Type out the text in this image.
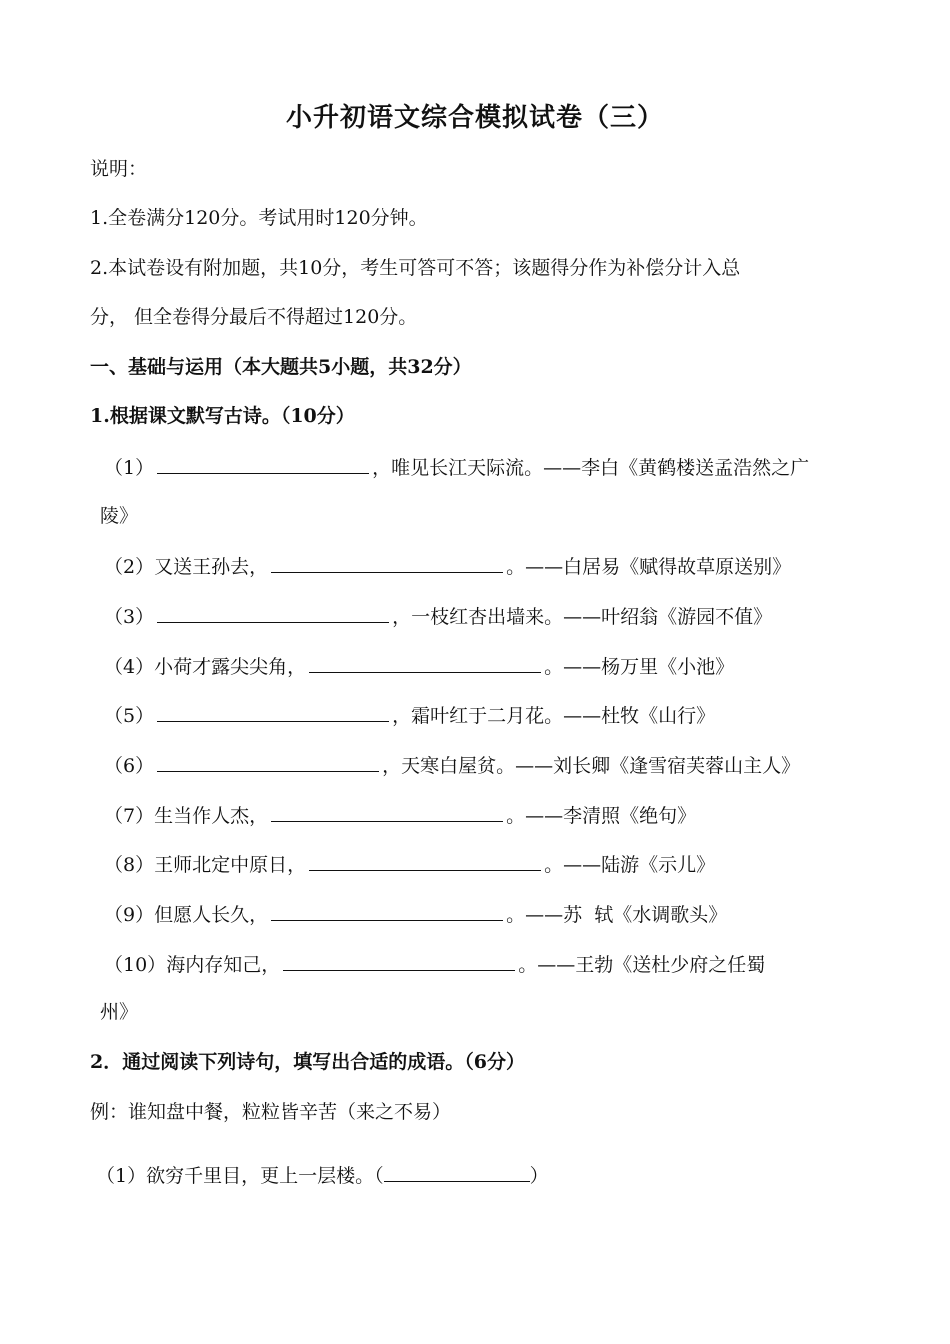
小升初语文综合模拟试卷（三）
说明：
1.全卷满分120分。考试用时120分钟。
2.本试卷设有附加题，共10分，考生可答可不答；该题得分作为补偿分计入总
分， 但全卷得分最后不得超过120分。
一、基础与运用（本大题共5小题，共32分）
1.根据课文默写古诗。（10分）
（1）	，唯见长江天际流。——李白《黄鹤楼送孟浩然之广
陵》
（2）又送王孙去，	。——白居易《赋得故草原送别》
（3）	，一枝红杏出墙来。——叶绍翁《游园不值》
（4）小荷才露尖尖角，	。——杨万里《小池》
（5）	，霜叶红于二月花。——杜牧《山行》
（6）	，天寒白屋贫。——刘长卿《逢雪宿芙蓉山主人》
（7）生当作人杰，	。——李清照《绝句》
（8）王师北定中原日，	。——陆游《示儿》
（9）但愿人长久，	。——苏  轼《水调歌头》
（10）海内存知己，	。——王勃《送杜少府之任蜀
州》
2．通过阅读下列诗句，填写出合适的成语。（6分）
例：谁知盘中餐，粒粒皆辛苦（来之不易）
（1）欲穷千里目，更上一层楼。（	）
